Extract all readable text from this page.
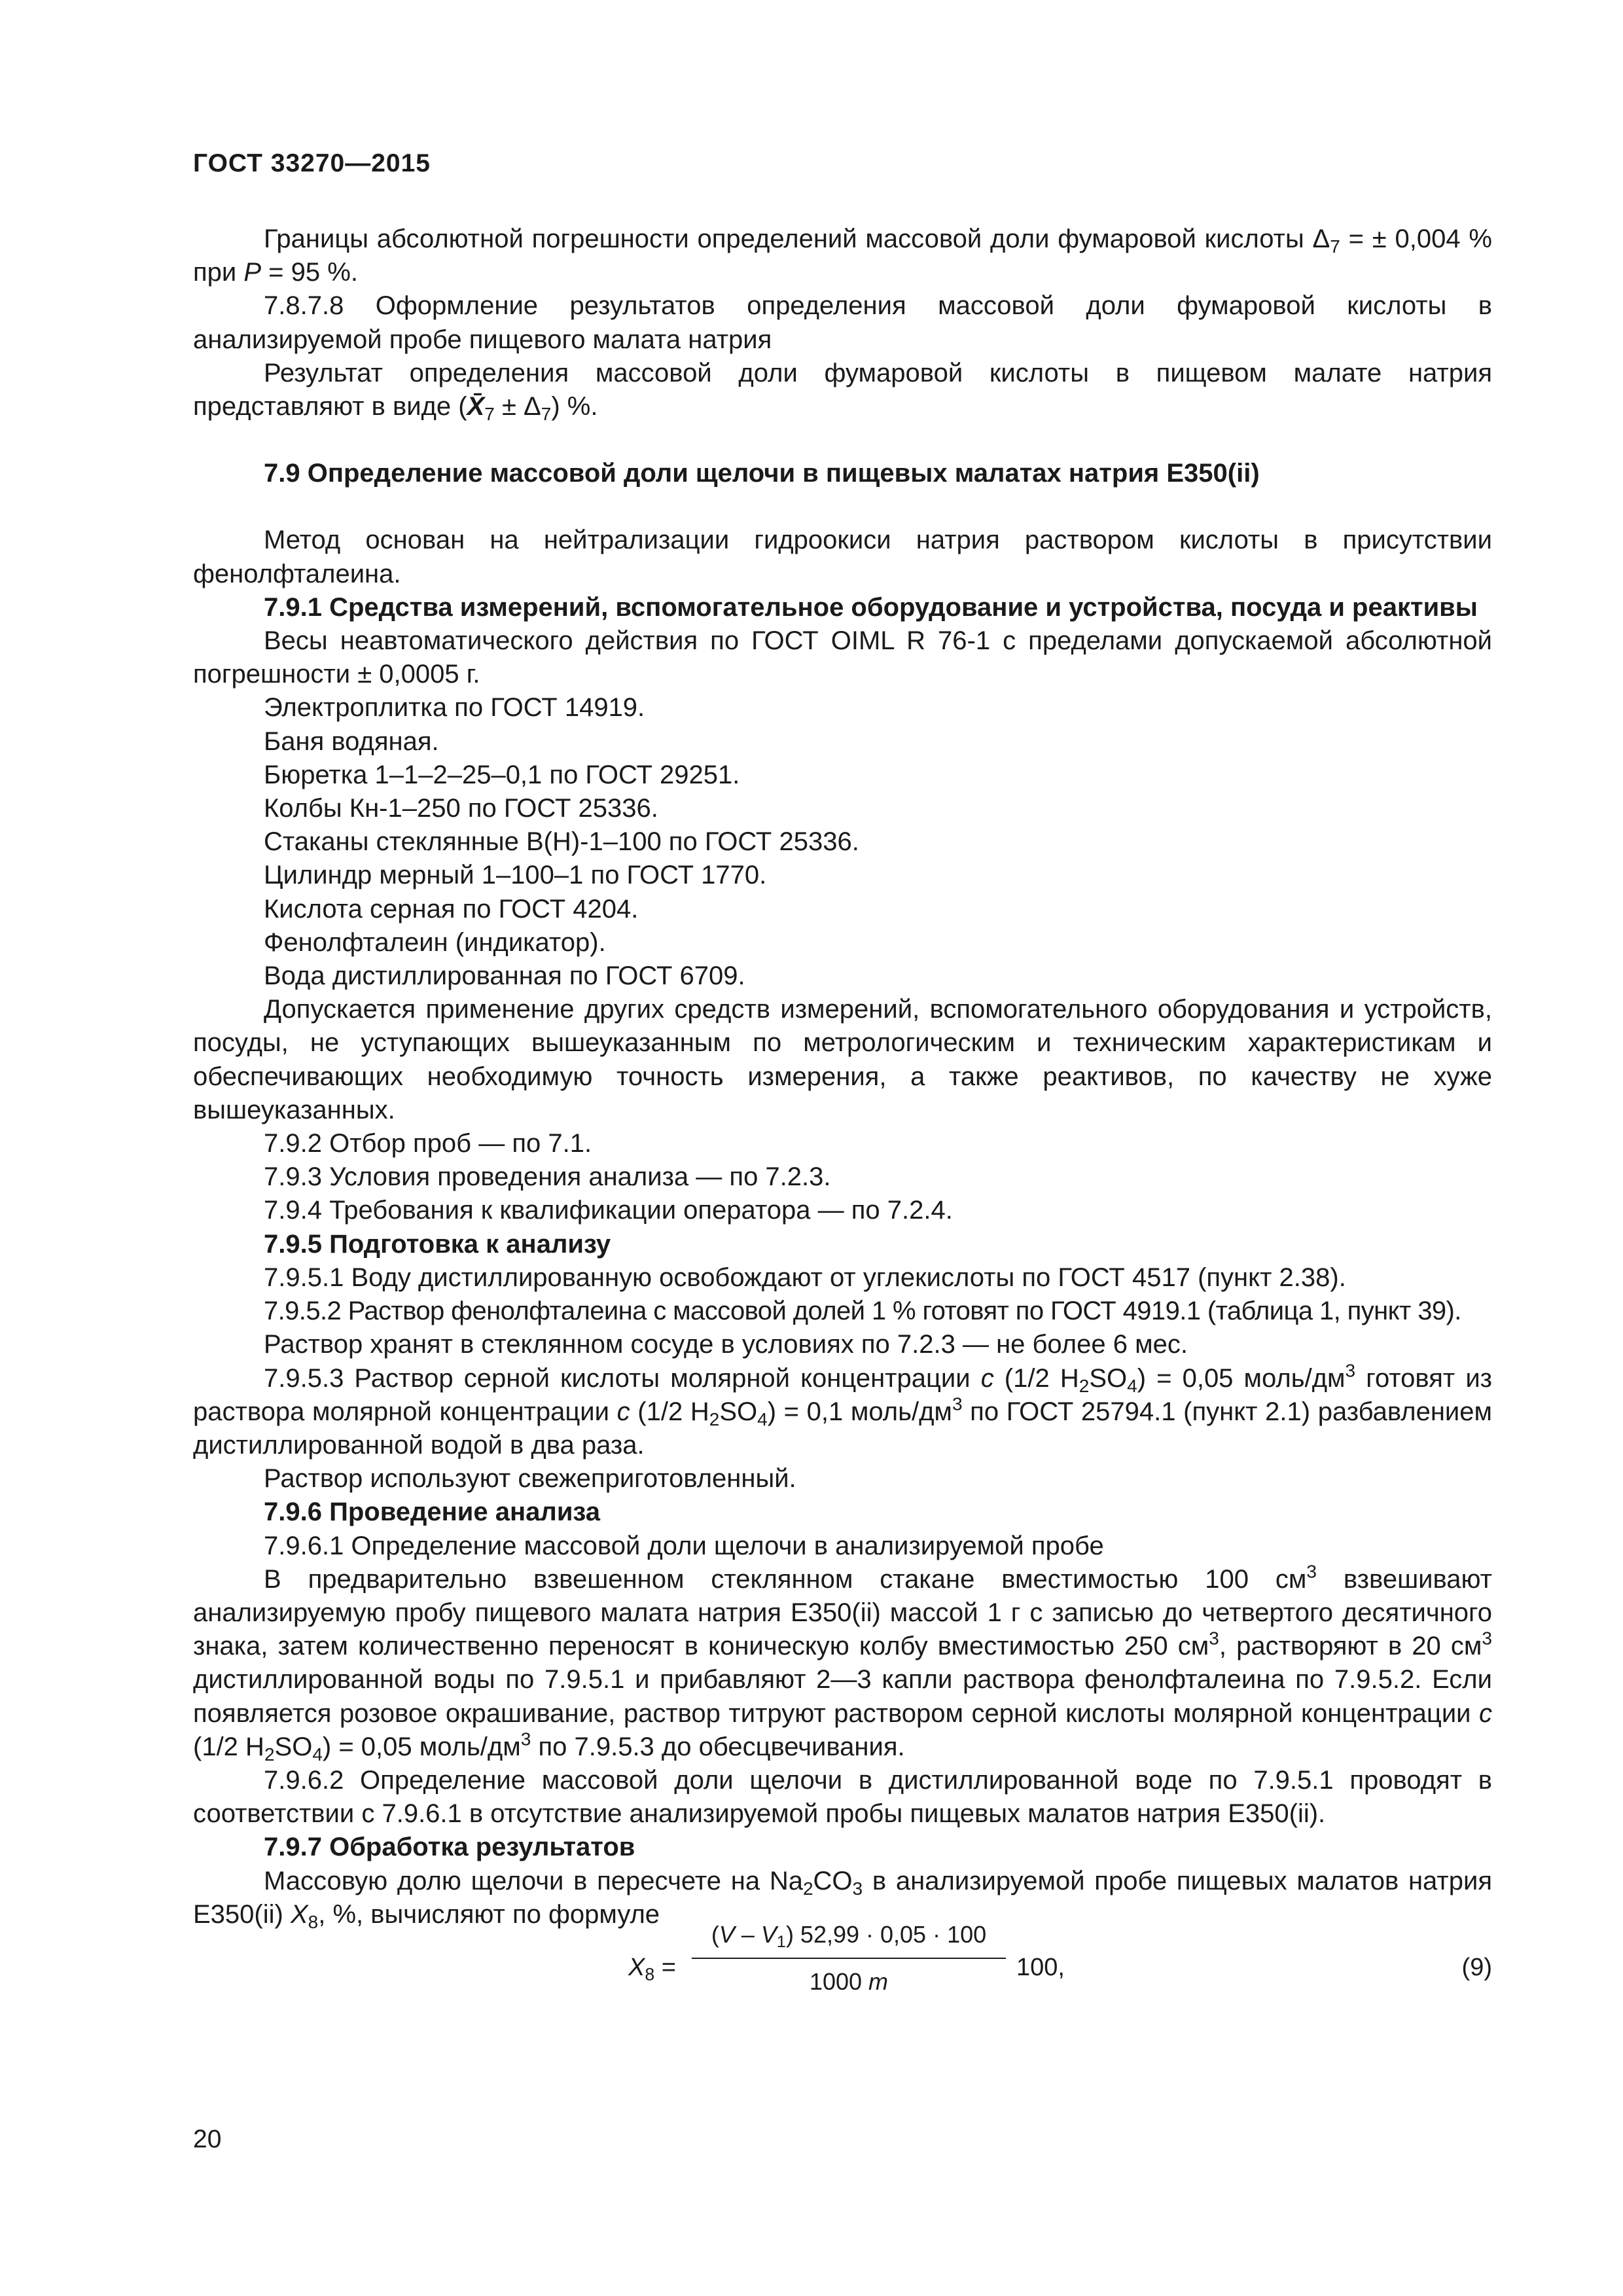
ГОСТ 33270—2015

Границы абсолютной погрешности определений массовой доли фумаровой кислоты $\Delta_7$ = ± 0,004 % при P = 95 %.

7.8.7.8 Оформление результатов определения массовой доли фумаровой кислоты в анализируемой пробе пищевого малата натрия

Результат определения массовой доли фумаровой кислоты в пищевом малате натрия представляют в виде $(X̄_7 \pm \Delta_7)$ %.

7.9 Определение массовой доли щелочи в пищевых малатах натрия Е350(ii)

Метод основан на нейтрализации гидроокиси натрия раствором кислоты в присутствии фенолфталеина.

7.9.1 Средства измерений, вспомогательное оборудование и устройства, посуда и реактивы

Весы неавтоматического действия по ГОСТ OIML R 76-1 с пределами допускаемой абсолютной погрешности ± 0,0005 г.

Электроплитка по ГОСТ 14919.

Баня водяная.

Бюретка 1–1–2–25–0,1 по ГОСТ 29251.

Колбы Кн-1–250 по ГОСТ 25336.

Стаканы стеклянные В(Н)-1–100 по ГОСТ 25336.

Цилиндр мерный 1–100–1 по ГОСТ 1770.

Кислота серная по ГОСТ 4204.

Фенолфталеин (индикатор).

Вода дистиллированная по ГОСТ 6709.

Допускается применение других средств измерений, вспомогательного оборудования и устройств, посуды, не уступающих вышеуказанным по метрологическим и техническим характеристикам и обеспечивающих необходимую точность измерения, а также реактивов, по качеству не хуже вышеуказанных.

7.9.2 Отбор проб — по 7.1.

7.9.3 Условия проведения анализа — по 7.2.3.

7.9.4 Требования к квалификации оператора — по 7.2.4.

7.9.5 Подготовка к анализу

7.9.5.1 Воду дистиллированную освобождают от углекислоты по ГОСТ 4517 (пункт 2.38).

7.9.5.2 Раствор фенолфталеина с массовой долей 1 % готовят по ГОСТ 4919.1 (таблица 1, пункт 39).

Раствор хранят в стеклянном сосуде в условиях по 7.2.3 — не более 6 мес.

7.9.5.3 Раствор серной кислоты молярной концентрации c (1/2 $H_2SO_4) = 0,05$ моль/$дм^3$ готовят из раствора молярной концентрации c (1/2 $H_2SO_4) = 0,1$ моль/$дм^3$ по ГОСТ 25794.1 (пункт 2.1) разбавлением дистиллированной водой в два раза.

Раствор используют свежеприготовленный.

7.9.6 Проведение анализа

7.9.6.1 Определение массовой доли щелочи в анализируемой пробе

В предварительно взвешенном стеклянном стакане вместимостью 100 $см^3$ взвешивают анализируемую пробу пищевого малата натрия Е350(ii) массой 1 г с записью до четвертого десятичного знака, затем количественно переносят в коническую колбу вместимостью 250 $см^3$, растворяют в 20 $см^3$ дистиллированной воды по 7.9.5.1 и прибавляют 2—3 капли раствора фенолфталеина по 7.9.5.2. Если появляется розовое окрашивание, раствор титруют раствором серной кислоты молярной концентрации c (1/2 $H_2SO_4) = 0,05$ моль/$дм^3$ по 7.9.5.3 до обесцвечивания.

7.9.6.2 Определение массовой доли щелочи в дистиллированной воде по 7.9.5.1 проводят в соответствии с 7.9.6.1 в отсутствие анализируемой пробы пищевых малатов натрия Е350(ii).

7.9.7 Обработка результатов

Массовую долю щелочи в пересчете на $Na_2CO_3$ в анализируемой пробе пищевых малатов натрия Е350(ii) $X_8$, %, вычисляют по формуле

$X_8$ =
$(V - V_1)$ 52,99 · 0,05 · 100
1000 m
100,	(9)
20
